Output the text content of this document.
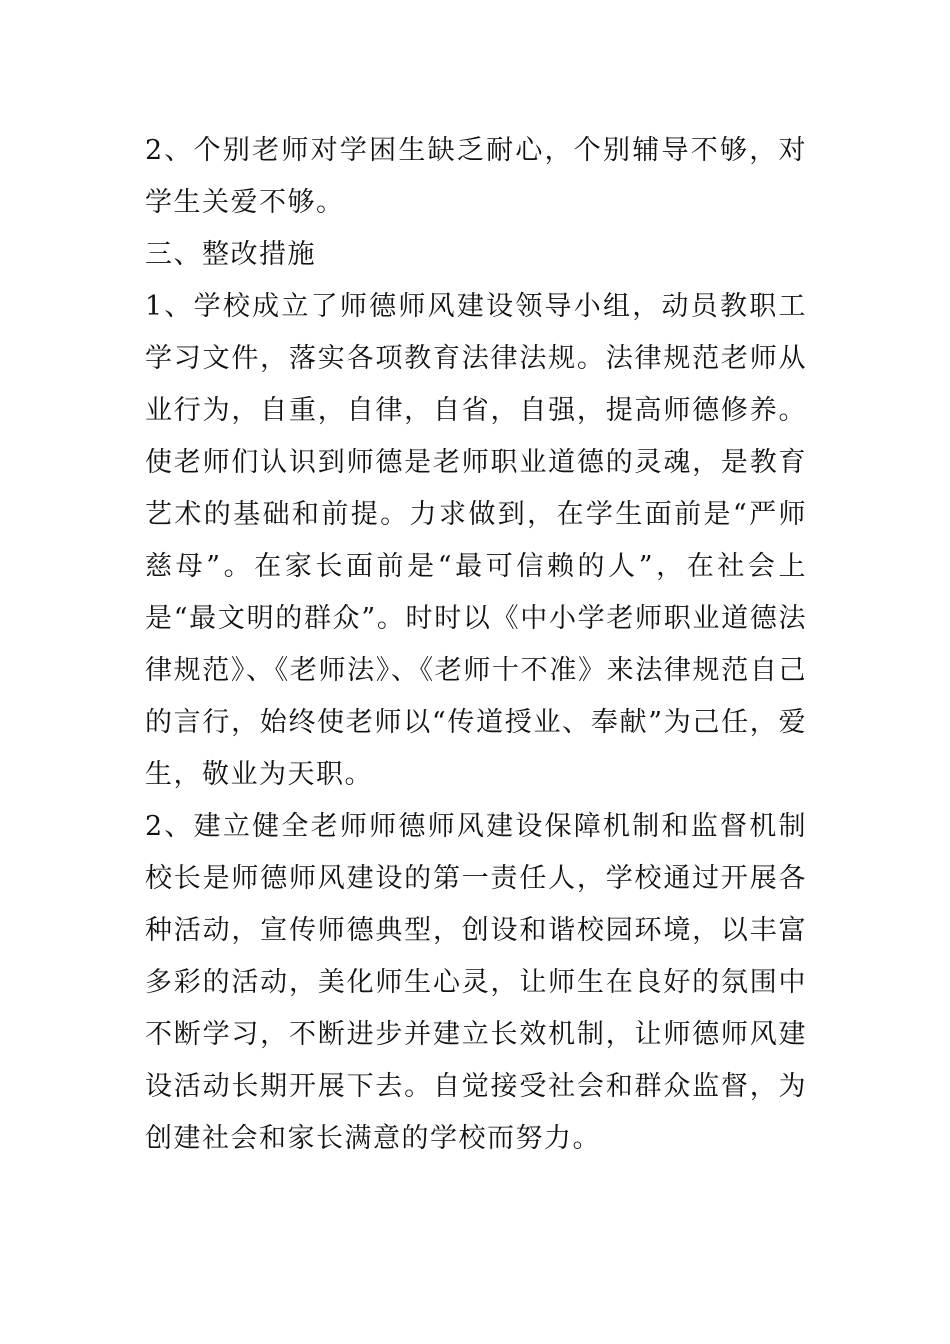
2、个别老师对学困生缺乏耐心，个别辅导不够，对学生关爱不够。

三、整改措施

1、学校成立了师德师风建设领导小组，动员教职工学习文件，落实各项教育法律法规。法律规范老师从业行为，自重，自律，自省，自强，提高师德修养。使老师们认识到师德是老师职业道德的灵魂，是教育艺术的基础和前提。力求做到，在学生面前是“严师慈母”。在家长面前是“最可信赖的人”，在社会上是“最文明的群众”。时时以《中小学老师职业道德法律规范》、《老师法》、《老师十不准》来法律规范自己的言行，始终使老师以“传道授业、奉献”为己任，爱生，敬业为天职。

2、建立健全老师师德师风建设保障机制和监督机制校长是师德师风建设的第一责任人，学校通过开展各种活动，宣传师德典型，创设和谐校园环境，以丰富多彩的活动，美化师生心灵，让师生在良好的氛围中不断学习，不断进步并建立长效机制，让师德师风建设活动长期开展下去。自觉接受社会和群众监督，为创建社会和家长满意的学校而努力。
